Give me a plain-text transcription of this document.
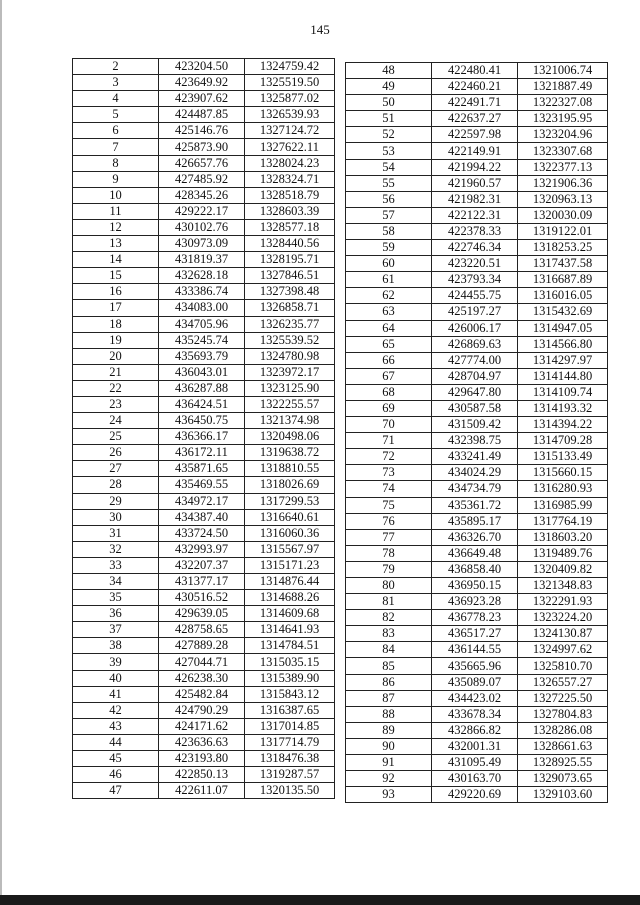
145
2	423204.50	1324759.42
3	423649.92	1325519.50
4	423907.62	1325877.02
5	424487.85	1326539.93
6	425146.76	1327124.72
7	425873.90	1327622.11
8	426657.76	1328024.23
9	427485.92	1328324.71
10	428345.26	1328518.79
11	429222.17	1328603.39
12	430102.76	1328577.18
13	430973.09	1328440.56
14	431819.37	1328195.71
15	432628.18	1327846.51
16	433386.74	1327398.48
17	434083.00	1326858.71
18	434705.96	1326235.77
19	435245.74	1325539.52
20	435693.79	1324780.98
21	436043.01	1323972.17
22	436287.88	1323125.90
23	436424.51	1322255.57
24	436450.75	1321374.98
25	436366.17	1320498.06
26	436172.11	1319638.72
27	435871.65	1318810.55
28	435469.55	1318026.69
29	434972.17	1317299.53
30	434387.40	1316640.61
31	433724.50	1316060.36
32	432993.97	1315567.97
33	432207.37	1315171.23
34	431377.17	1314876.44
35	430516.52	1314688.26
36	429639.05	1314609.68
37	428758.65	1314641.93
38	427889.28	1314784.51
39	427044.71	1315035.15
40	426238.30	1315389.90
41	425482.84	1315843.12
42	424790.29	1316387.65
43	424171.62	1317014.85
44	423636.63	1317714.79
45	423193.80	1318476.38
46	422850.13	1319287.57
47	422611.07	1320135.50
48	422480.41	1321006.74
49	422460.21	1321887.49
50	422491.71	1322327.08
51	422637.27	1323195.95
52	422597.98	1323204.96
53	422149.91	1323307.68
54	421994.22	1322377.13
55	421960.57	1321906.36
56	421982.31	1320963.13
57	422122.31	1320030.09
58	422378.33	1319122.01
59	422746.34	1318253.25
60	423220.51	1317437.58
61	423793.34	1316687.89
62	424455.75	1316016.05
63	425197.27	1315432.69
64	426006.17	1314947.05
65	426869.63	1314566.80
66	427774.00	1314297.97
67	428704.97	1314144.80
68	429647.80	1314109.74
69	430587.58	1314193.32
70	431509.42	1314394.22
71	432398.75	1314709.28
72	433241.49	1315133.49
73	434024.29	1315660.15
74	434734.79	1316280.93
75	435361.72	1316985.99
76	435895.17	1317764.19
77	436326.70	1318603.20
78	436649.48	1319489.76
79	436858.40	1320409.82
80	436950.15	1321348.83
81	436923.28	1322291.93
82	436778.23	1323224.20
83	436517.27	1324130.87
84	436144.55	1324997.62
85	435665.96	1325810.70
86	435089.07	1326557.27
87	434423.02	1327225.50
88	433678.34	1327804.83
89	432866.82	1328286.08
90	432001.31	1328661.63
91	431095.49	1328925.55
92	430163.70	1329073.65
93	429220.69	1329103.60
